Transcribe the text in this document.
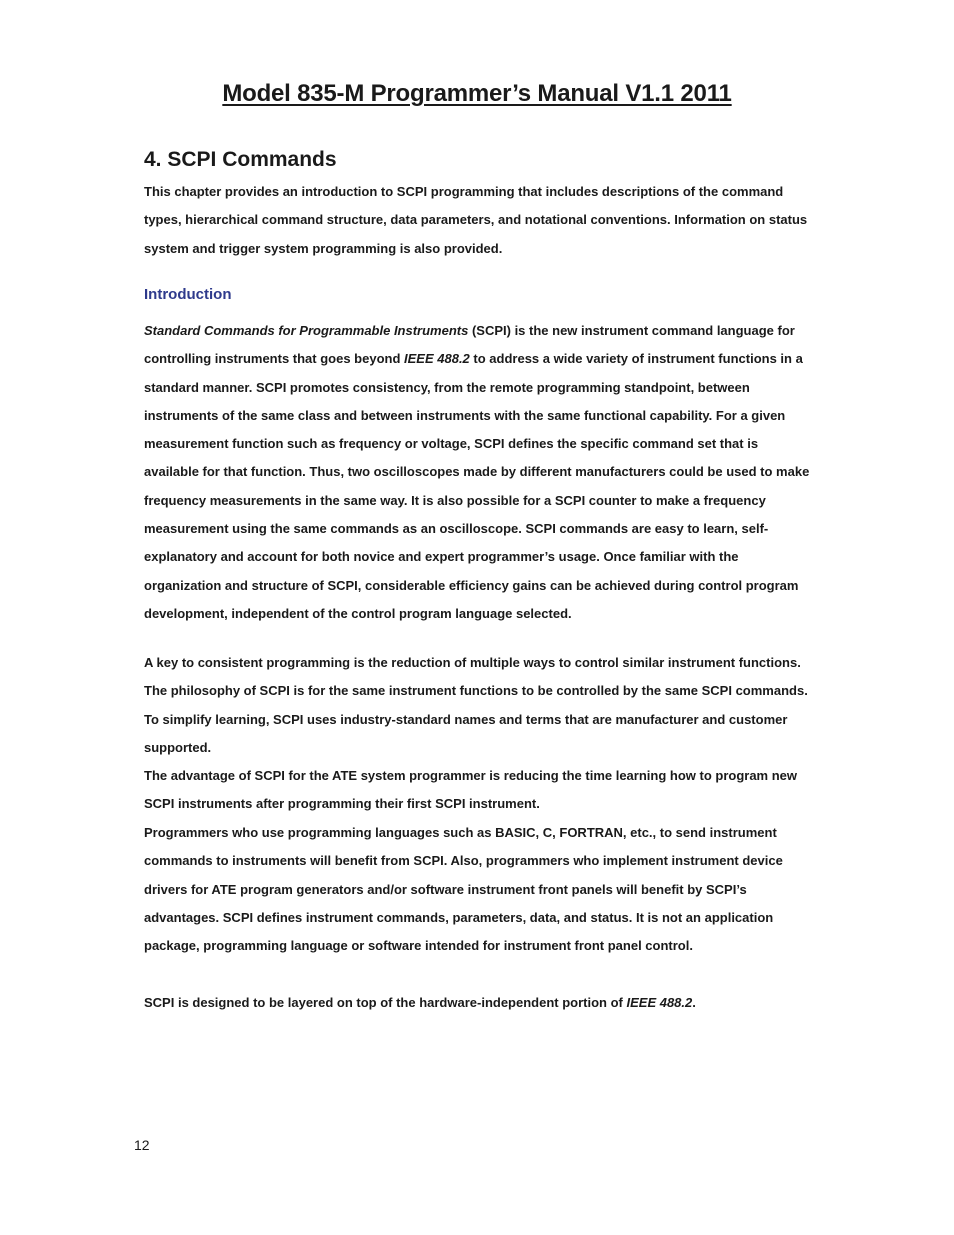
Model 835-M Programmer’s Manual V1.1 2011
4. SCPI Commands

This chapter provides an introduction to SCPI programming that includes descriptions of the command types, hierarchical command structure, data parameters, and notational conventions. Information on status system and trigger system programming is also provided.

Introduction

Standard Commands for Programmable Instruments (SCPI) is the new instrument command language for controlling instruments that goes beyond IEEE 488.2 to address a wide variety of instrument functions in a standard manner. SCPI promotes consistency, from the remote programming standpoint, between instruments of the same class and between instruments with the same functional capability. For a given measurement function such as frequency or voltage, SCPI defines the specific command set that is available for that function. Thus, two oscilloscopes made by different manufacturers could be used to make frequency measurements in the same way. It is also possible for a SCPI counter to make a frequency measurement using the same commands as an oscilloscope. SCPI commands are easy to learn, self-explanatory and account for both novice and expert programmer’s usage. Once familiar with the organization and structure of SCPI, considerable efficiency gains can be achieved during control program development, independent of the control program language selected.

A key to consistent programming is the reduction of multiple ways to control similar instrument functions. The philosophy of SCPI is for the same instrument functions to be controlled by the same SCPI commands. To simplify learning, SCPI uses industry-standard names and terms that are manufacturer and customer supported.

The advantage of SCPI for the ATE system programmer is reducing the time learning how to program new SCPI instruments after programming their first SCPI instrument.

Programmers who use programming languages such as BASIC, C, FORTRAN, etc., to send instrument commands to instruments will benefit from SCPI. Also, programmers who implement instrument device drivers for ATE program generators and/or software instrument front panels will benefit by SCPI’s advantages. SCPI defines instrument commands, parameters, data, and status. It is not an application package, programming language or software intended for instrument front panel control.

SCPI is designed to be layered on top of the hardware-independent portion of IEEE 488.2.

12
